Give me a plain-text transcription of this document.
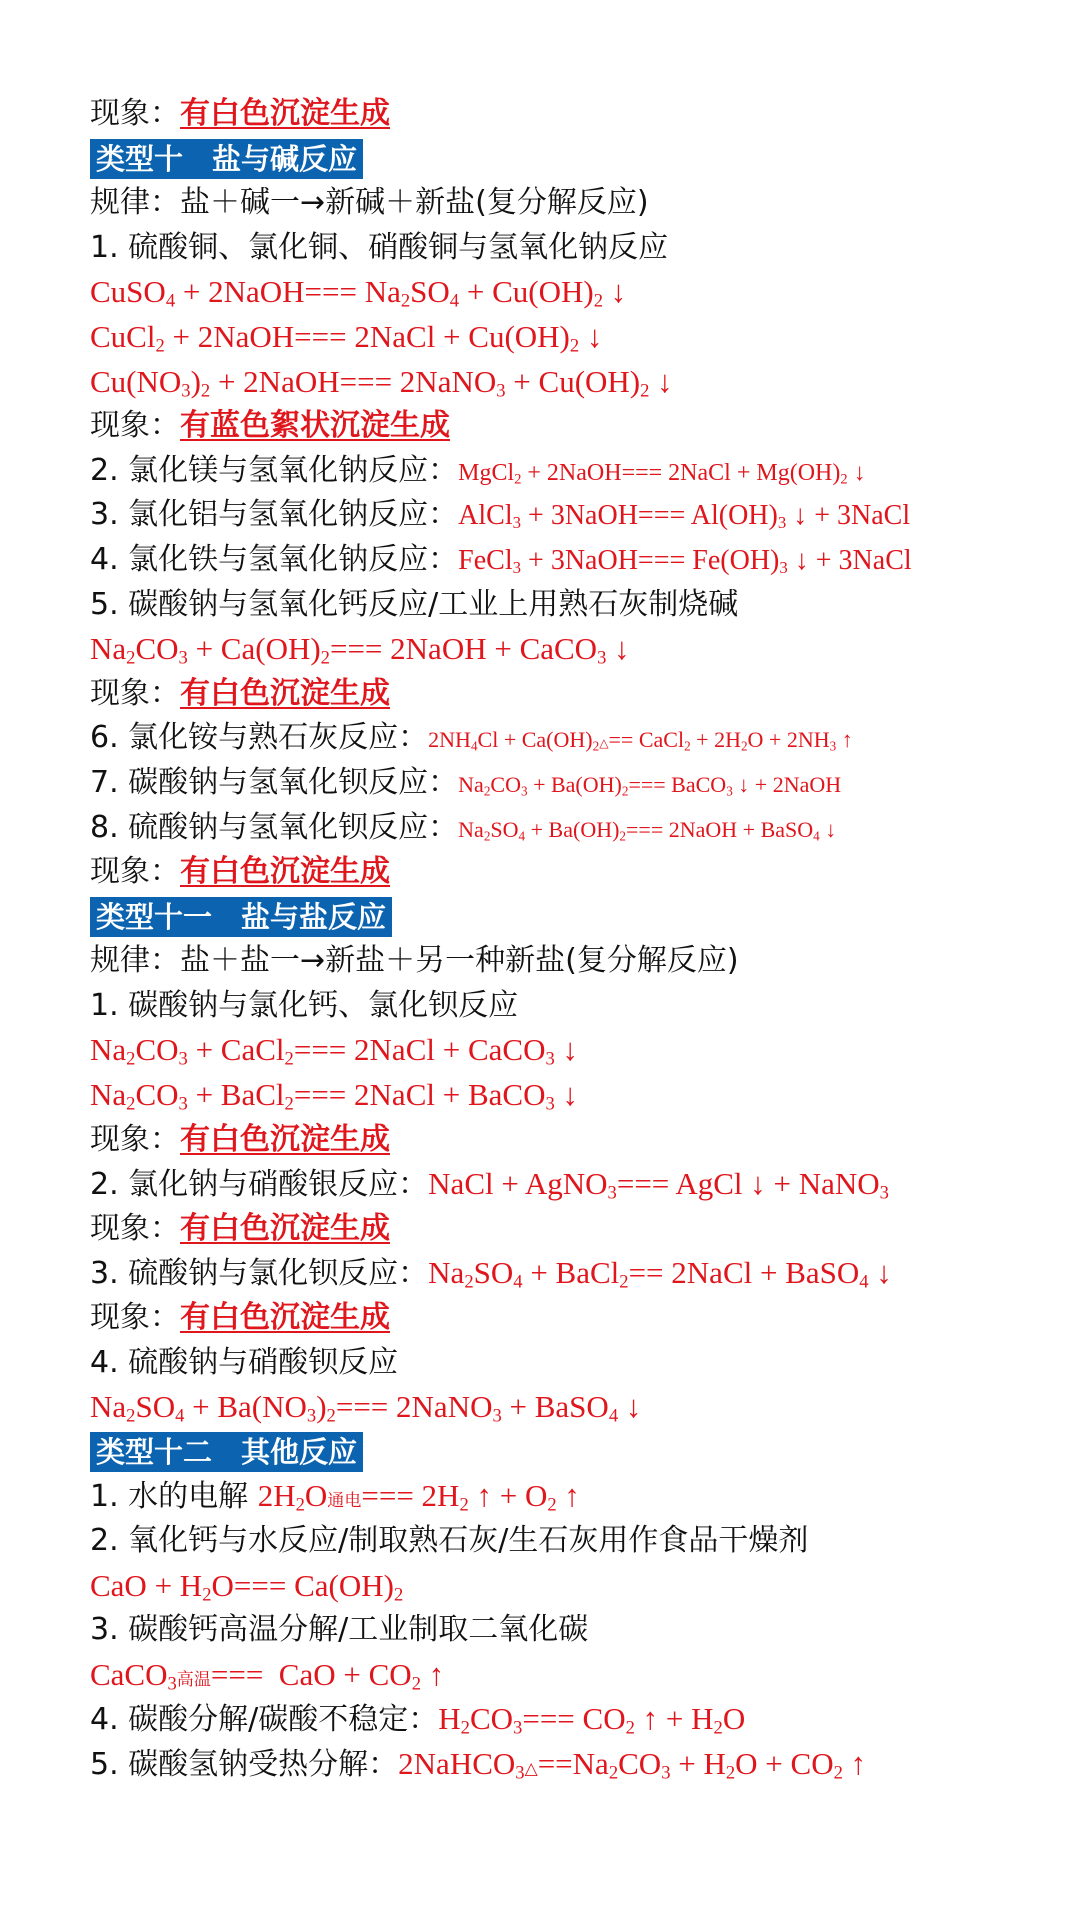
现象：有白色沉淀生成
类型十　盐与碱反应
规律：盐＋碱一→新碱＋新盐(复分解反应)
1. 硫酸铜、氯化铜、硝酸铜与氢氧化钠反应
CuSO$_4$ + 2NaOH=== $Na_2SO_4 + Cu(OH)_2$ ↓
CuCl$_2$ + 2NaOH=== 2NaCl + $Cu(OH)_2$ ↓
$Cu(NO_3)_2$ + 2NaOH=== 2NaNO$_3$ + $Cu(OH)_2$ ↓
现象：有蓝色絮状沉淀生成
2. 氯化镁与氢氧化钠反应：MgCl$_2$ + 2NaOH=== 2NaCl + $Mg(OH)_2$ ↓
3. 氯化铝与氢氧化钠反应：AlCl$_3$ + 3NaOH=== $Al(OH)_3$ ↓ + 3NaCl
4. 氯化铁与氢氧化钠反应：FeCl$_3$ + 3NaOH=== $Fe(OH)_3$ ↓ + 3NaCl
5. 碳酸钠与氢氧化钙反应/工业上用熟石灰制烧碱
$Na_2CO_3 + Ca(OH)_2===$ 2NaOH + CaCO$_3$ ↓
现象：有白色沉淀生成
6. 氯化铵与熟石灰反应：$2NH_4Cl$ + $Ca(OH)_2\triangle==$ CaCl$_2$ + $2H_2O + 2NH_3$ ↑
7. 碳酸钠与氢氧化钡反应：$Na_2CO_3 + Ba(OH)_2===$ BaCO$_3$ ↓ + 2NaOH
8. 硫酸钠与氢氧化钡反应：$Na_2SO_4 + Ba(OH)_2===$ 2NaOH + BaSO$_4$ ↓
现象：有白色沉淀生成
类型十一　盐与盐反应
规律：盐＋盐一→新盐＋另一种新盐(复分解反应)
1. 碳酸钠与氯化钙、氯化钡反应
$Na_2CO_3$ + CaCl$_2$=== 2NaCl + CaCO$_3$ ↓
$Na_2CO_3$ + BaCl$_2$=== 2NaCl + BaCO$_3$ ↓
现象：有白色沉淀生成
2. 氯化钠与硝酸银反应：NaCl + AgNO$_3$=== AgCl ↓ + NaNO$_3$
现象：有白色沉淀生成
3. 硫酸钠与氯化钡反应：$Na_2SO_4$ + BaCl$_2$== 2NaCl + BaSO$_4$ ↓
现象：有白色沉淀生成
4. 硫酸钠与硝酸钡反应
$Na_2SO_4 + Ba(NO_3)_2===$ 2NaNO$_3$ + BaSO$_4$ ↓
类型十二　其他反应
1. 水的电解 $2H_2O$通电=== $2H_2$ ↑ + $O_2$ ↑
2. 氧化钙与水反应/制取熟石灰/生石灰用作食品干燥剂
CaO + $H_2O=== Ca(OH)_2$
3. 碳酸钙高温分解/工业制取二氧化碳
CaCO$_3$高温===  CaO + $CO_2$ ↑
4. 碳酸分解/碳酸不稳定：$H_2CO_3=== CO_2$ ↑ + $H_2O$
5. 碳酸氢钠受热分解：$2NaHCO_3\triangle==Na_2CO_3 + H_2O + CO_2$ ↑
